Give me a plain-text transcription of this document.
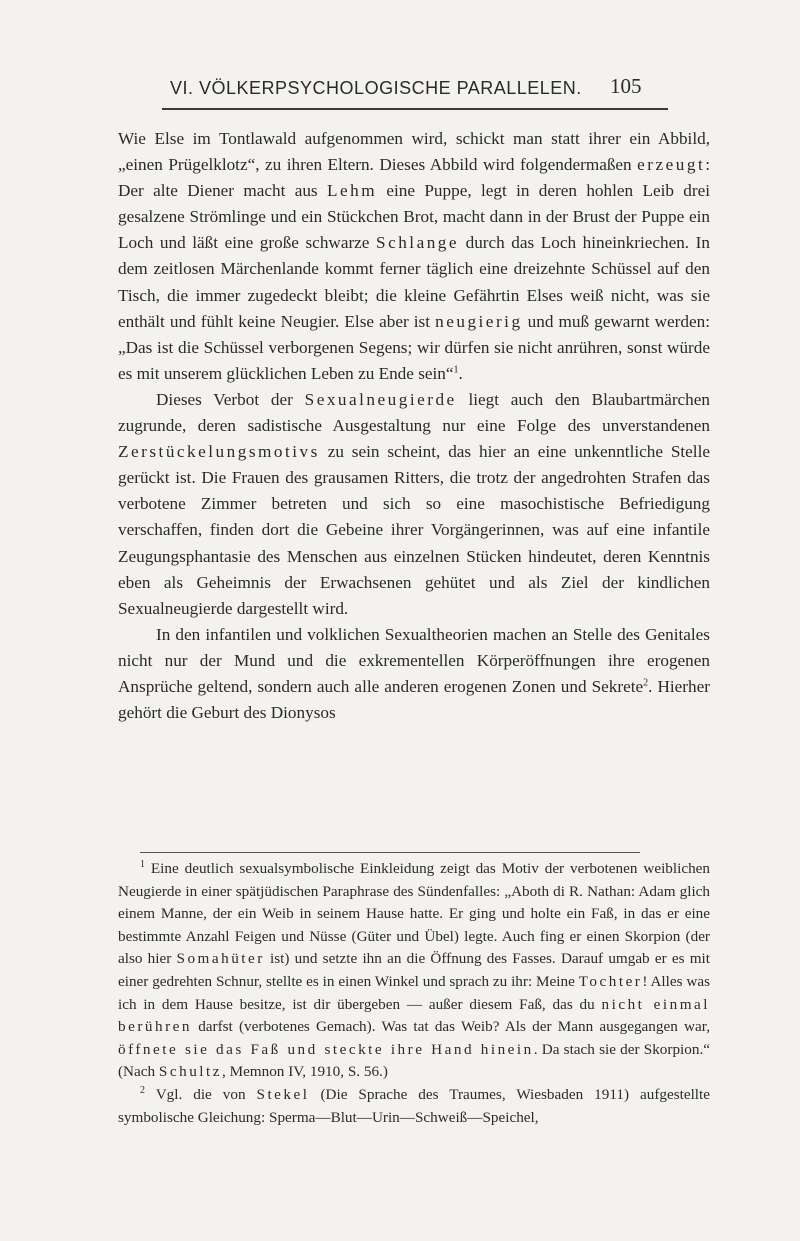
VI. VÖLKERPSYCHOLOGISCHE PARALLELEN. 105

Wie Else im Tontlawald aufgenommen wird, schickt man statt ihrer ein Abbild, „einen Prügelklotz“, zu ihren Eltern. Dieses Abbild wird folgendermaßen erzeugt: Der alte Diener macht aus Lehm eine Puppe, legt in deren hohlen Leib drei gesalzene Strömlinge und ein Stückchen Brot, macht dann in der Brust der Puppe ein Loch und läßt eine große schwarze Schlange durch das Loch hineinkriechen. In dem zeitlosen Märchenlande kommt ferner täglich eine dreizehnte Schüssel auf den Tisch, die immer zugedeckt bleibt; die kleine Gefährtin Elses weiß nicht, was sie enthält und fühlt keine Neugier. Else aber ist neugierig und muß gewarnt werden: „Das ist die Schüssel verborgenen Segens; wir dürfen sie nicht anrühren, sonst würde es mit unserem glücklichen Leben zu Ende sein“$^1$.

Dieses Verbot der Sexualneugierde liegt auch den Blaubartmärchen zugrunde, deren sadistische Ausgestaltung nur eine Folge des unverstandenen Zerstückelungsmotivs zu sein scheint, das hier an eine unkenntliche Stelle gerückt ist. Die Frauen des grausamen Ritters, die trotz der angedrohten Strafen das verbotene Zimmer betreten und sich so eine masochistische Befriedigung verschaffen, finden dort die Gebeine ihrer Vorgängerinnen, was auf eine infantile Zeugungsphantasie des Menschen aus einzelnen Stücken hindeutet, deren Kenntnis eben als Geheimnis der Erwachsenen gehütet und als Ziel der kindlichen Sexualneugierde dargestellt wird.

In den infantilen und volklichen Sexualtheorien machen an Stelle des Genitales nicht nur der Mund und die exkrementellen Körperöffnungen ihre erogenen Ansprüche geltend, sondern auch alle anderen erogenen Zonen und Sekrete$^2$. Hierher gehört die Geburt des Dionysos

$^1$ Eine deutlich sexualsymbolische Einkleidung zeigt das Motiv der verbotenen weiblichen Neugierde in einer spätjüdischen Paraphrase des Sündenfalles: „Aboth di R. Nathan: Adam glich einem Manne, der ein Weib in seinem Hause hatte. Er ging und holte ein Faß, in das er eine bestimmte Anzahl Feigen und Nüsse (Güter und Übel) legte. Auch fing er einen Skorpion (der also hier Somahüter ist) und setzte ihn an die Öffnung des Fasses. Darauf umgab er es mit einer gedrehten Schnur, stellte es in einen Winkel und sprach zu ihr: Meine Tochter! Alles was ich in dem Hause besitze, ist dir übergeben — außer diesem Faß, das du nicht einmal berühren darfst (verbotenes Gemach). Was tat das Weib? Als der Mann ausgegangen war, öffnete sie das Faß und steckte ihre Hand hinein. Da stach sie der Skorpion.“ (Nach Schultz, Memnon IV, 1910, S. 56.)

$^2$ Vgl. die von Stekel (Die Sprache des Traumes, Wiesbaden 1911) aufgestellte symbolische Gleichung: Sperma—Blut—Urin—Schweiß—Speichel,
